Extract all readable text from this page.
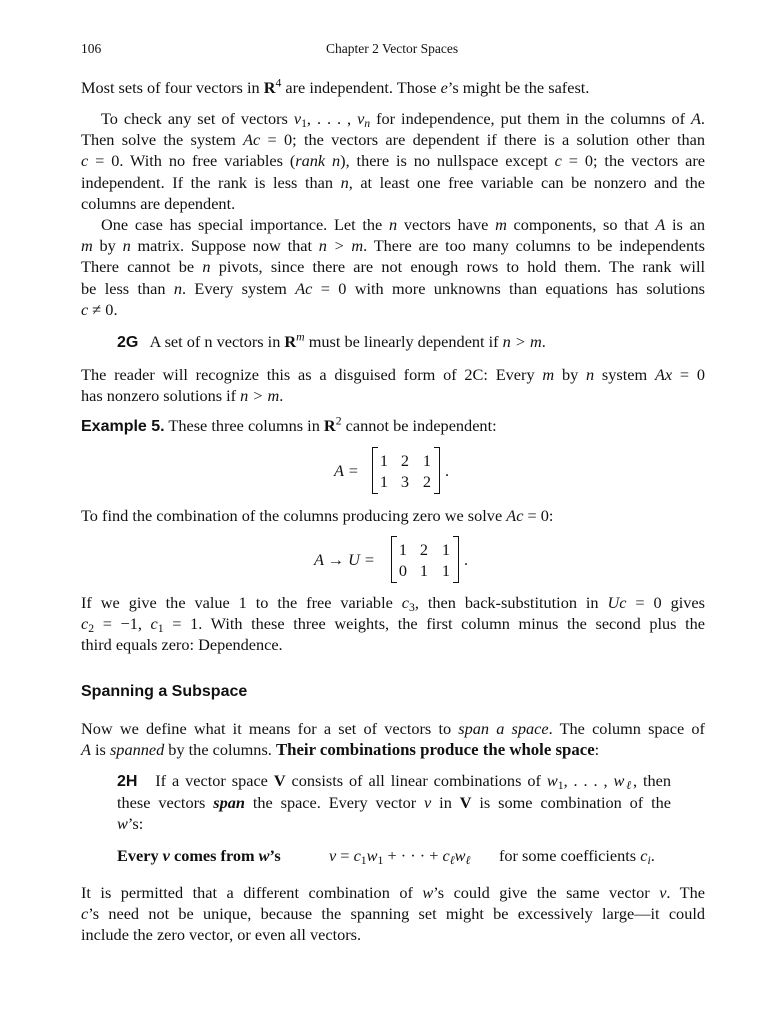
106	Chapter 2 Vector Spaces
Most sets of four vectors in $R^4$ are independent. Those e’s might be the safest.
To check any set of vectors $v_1$, . . . , $v_n$ for independence, put them in the columns of A.
Then solve the system Ac = 0; the vectors are dependent if there is a solution other than
c = 0. With no free variables (rank n), there is no nullspace except c = 0; the vectors are
independent. If the rank is less than n, at least one free variable can be nonzero and the
columns are dependent.
One case has special importance. Let the n vectors have m components, so that A is an
m by n matrix. Suppose now that n > m. There are too many columns to be independents
There cannot be n pivots, since there are not enough rows to hold them. The rank will
be less than n. Every system Ac = 0 with more unknowns than equations has solutions
c ≠ 0.
2G A set of n vectors in $R^m$ must be linearly dependent if n > m.
The reader will recognize this as a disguised form of 2C: Every m by n system Ax = 0
has nonzero solutions if n > m.
Example 5. These three columns in $R^2$ cannot be independent:
A =
1 2 1
1 3 2
.
To find the combination of the columns producing zero we solve Ac = 0:
A → U =
1 2 1
0 1 1
.
If we give the value 1 to the free variable $c_3$, then back-substitution in Uc = 0 gives
$c_2 = -1$, $c_1 = 1$. With these three weights, the first column minus the second plus the
third equals zero: Dependence.
Spanning a Subspace
Now we define what it means for a set of vectors to span a space. The column space of
A is spanned by the columns. Their combinations produce the whole space:
2H If a vector space V consists of all linear combinations of $w_1$, . . . , $w_\ell$, then
these vectors span the space. Every vector v in V is some combination of the
w’s:
Every v comes from w’s	$v = c_1w_1$ + · · · + $c_\ell w_\ell$ for some coefficients $c_i$.
It is permitted that a different combination of w’s could give the same vector v. The
c’s need not be unique, because the spanning set might be excessively large—it could
include the zero vector, or even all vectors.
